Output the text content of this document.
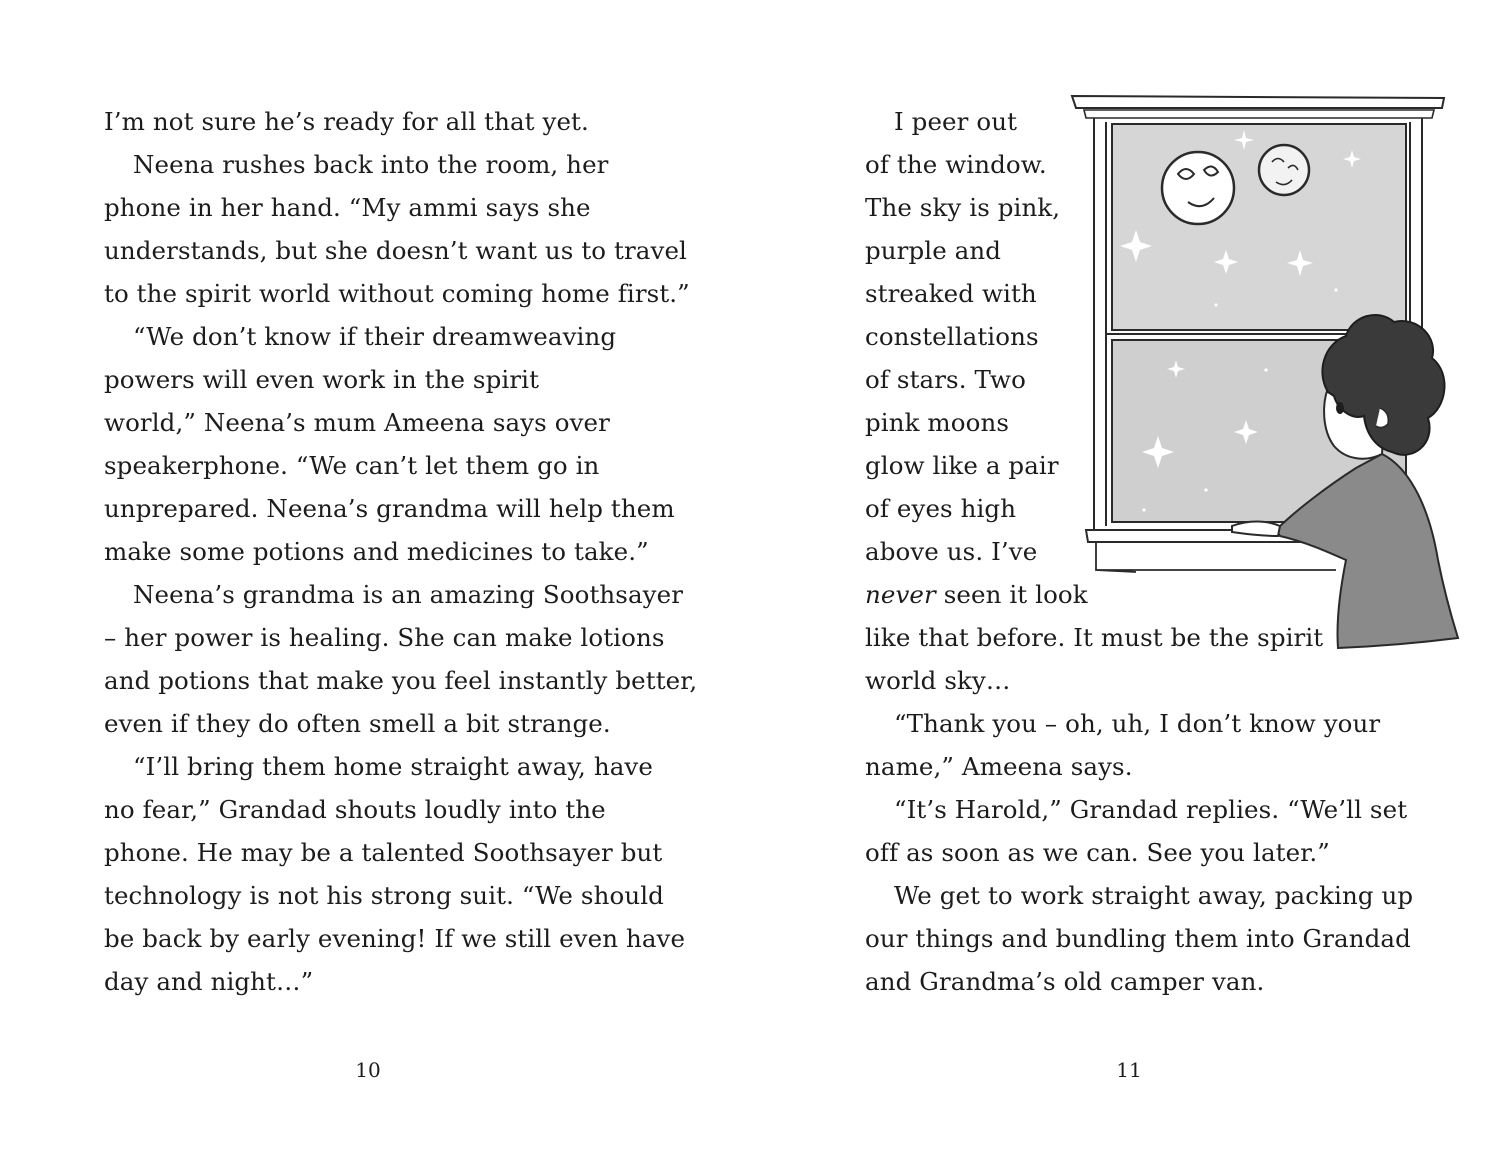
I’m not sure he’s ready for all that yet.

Neena rushes back into the room, her

phone in her hand. “My ammi says she

understands, but she doesn’t want us to travel

to the spirit world without coming home first.”

“We don’t know if their dreamweaving

powers will even work in the spirit

world,” Neena’s mum Ameena says over

speakerphone. “We can’t let them go in

unprepared. Neena’s grandma will help them

make some potions and medicines to take.”

Neena’s grandma is an amazing Soothsayer

– her power is healing. She can make lotions

and potions that make you feel instantly better,

even if they do often smell a bit strange.

“I’ll bring them home straight away, have

no fear,” Grandad shouts loudly into the

phone. He may be a talented Soothsayer but

technology is not his strong suit. “We should

be back by early evening! If we still even have

day and night…”

10

I peer out

of the window.

The sky is pink,

purple and

streaked with

constellations

of stars. Two

pink moons

glow like a pair

of eyes high

above us. I’ve

never seen it look

like that before. It must be the spirit

world sky…

“Thank you – oh, uh, I don’t know your

name,” Ameena says.

“It’s Harold,” Grandad replies. “We’ll set

off as soon as we can. See you later.”

We get to work straight away, packing up

our things and bundling them into Grandad

and Grandma’s old camper van.

11
